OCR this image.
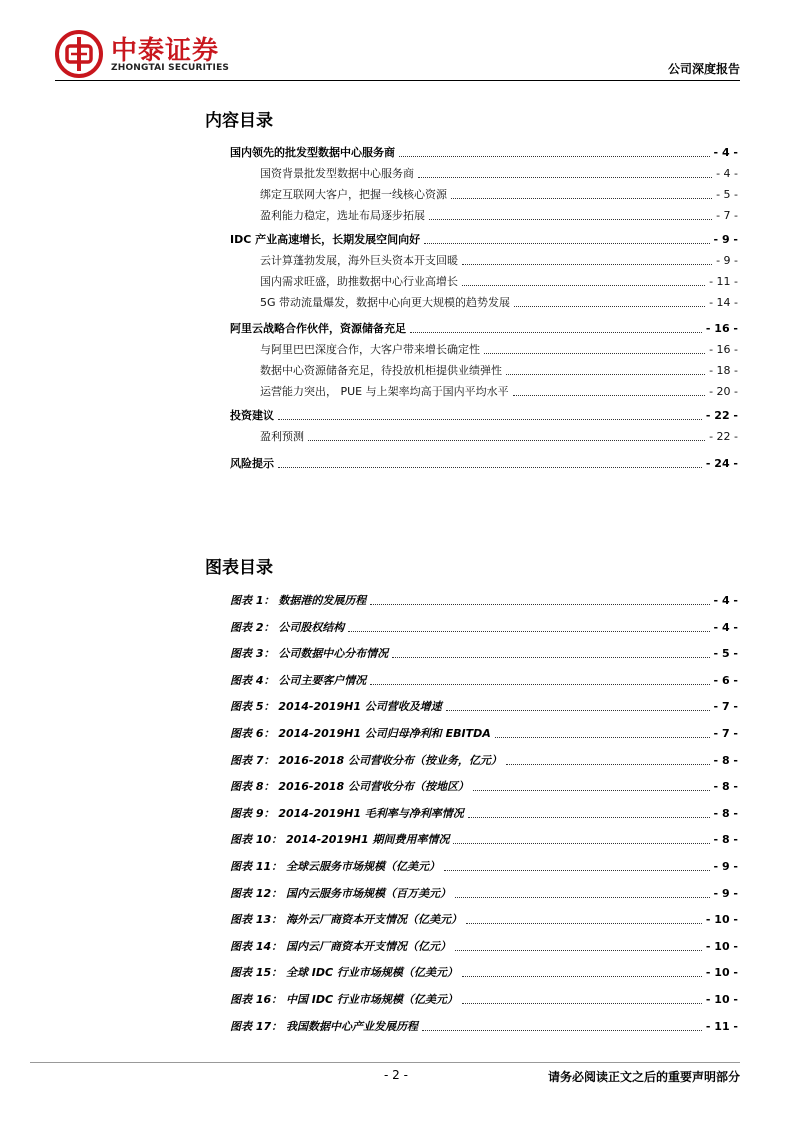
中泰证券
ZHONGTAI SECURITIES	公司深度报告
内容目录
国内领先的批发型数据中心服务商	- 4 -
国资背景批发型数据中心服务商	- 4 -
绑定互联网大客户，把握一线核心资源	- 5 -
盈利能力稳定，选址布局逐步拓展	- 7 -
IDC 产业高速增长，长期发展空间向好	- 9 -
云计算蓬勃发展，海外巨头资本开支回暖	- 9 -
国内需求旺盛，助推数据中心行业高增长	- 11 -
5G 带动流量爆发，数据中心向更大规模的趋势发展	- 14 -
阿里云战略合作伙伴，资源储备充足	- 16 -
与阿里巴巴深度合作，大客户带来增长确定性	- 16 -
数据中心资源储备充足，待投放机柜提供业绩弹性	- 18 -
运营能力突出， PUE 与上架率均高于国内平均水平	- 20 -
投资建议	- 22 -
盈利预测	- 22 -
风险提示	- 24 -
图表目录
图表 1： 数据港的发展历程	- 4 -
图表 2： 公司股权结构	- 4 -
图表 3： 公司数据中心分布情况	- 5 -
图表 4： 公司主要客户情况	- 6 -
图表 5： 2014-2019H1 公司营收及增速	- 7 -
图表 6： 2014-2019H1 公司归母净利和 EBITDA	- 7 -
图表 7： 2016-2018 公司营收分布（按业务，亿元）	- 8 -
图表 8： 2016-2018 公司营收分布（按地区）	- 8 -
图表 9： 2014-2019H1 毛利率与净利率情况	- 8 -
图表 10： 2014-2019H1 期间费用率情况	- 8 -
图表 11： 全球云服务市场规模（亿美元）	- 9 -
图表 12： 国内云服务市场规模（百万美元）	- 9 -
图表 13： 海外云厂商资本开支情况（亿美元）	- 10 -
图表 14： 国内云厂商资本开支情况（亿元）	- 10 -
图表 15： 全球 IDC 行业市场规模（亿美元）	- 10 -
图表 16： 中国 IDC 行业市场规模（亿美元）	- 10 -
图表 17： 我国数据中心产业发展历程	- 11 -
- 2 -	请务必阅读正文之后的重要声明部分
